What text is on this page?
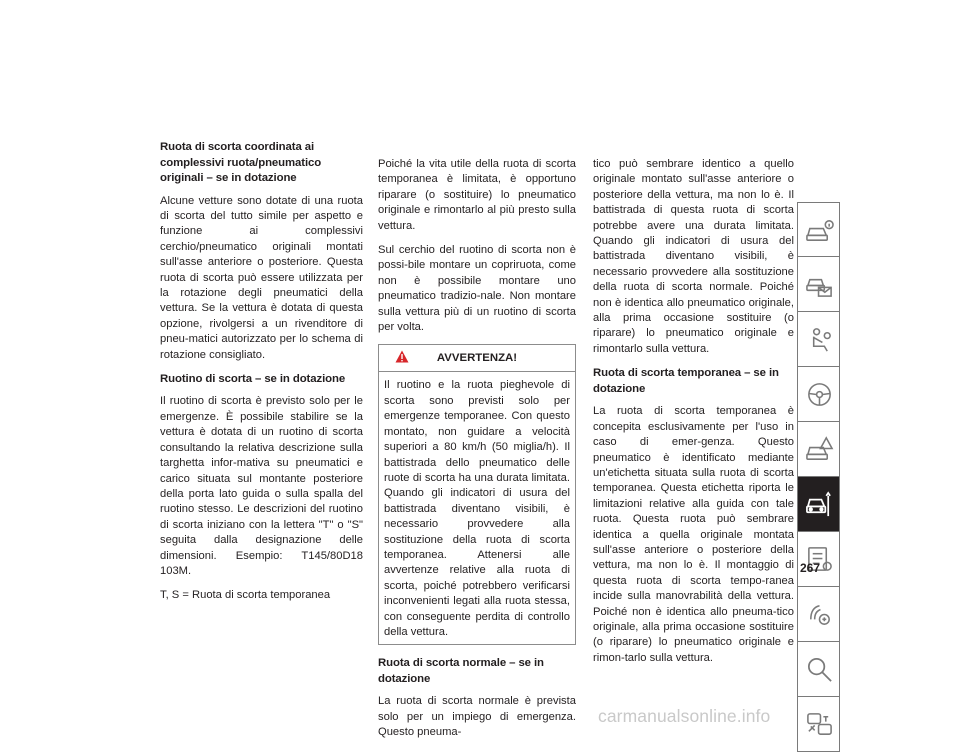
Ruota di scorta coordinata ai complessivi ruota/pneumatico originali – se in dotazione

Alcune vetture sono dotate di una ruota di scorta del tutto simile per aspetto e funzione ai complessivi cerchio/pneumatico originali montati sull'asse anteriore o posteriore. Questa ruota di scorta può essere utilizzata per la rotazione degli pneumatici della vettura. Se la vettura è dotata di questa opzione, rivolgersi a un rivenditore di pneu-matici autorizzato per lo schema di rotazione consigliato.

Ruotino di scorta – se in dotazione

Il ruotino di scorta è previsto solo per le emergenze. È possibile stabilire se la vettura è dotata di un ruotino di scorta consultando la relativa descrizione sulla targhetta infor-mativa su pneumatici e carico situata sul montante posteriore della porta lato guida o sulla spalla del ruotino stesso. Le descrizioni del ruotino di scorta iniziano con la lettera "T" o "S" seguita dalla designazione delle dimensioni. Esempio: T145/80D18 103M.

T, S = Ruota di scorta temporanea

Poiché la vita utile della ruota di scorta temporanea è limitata, è opportuno riparare (o sostituire) lo pneumatico originale e rimontarlo al più presto sulla vettura.

Sul cerchio del ruotino di scorta non è possi-bile montare un copriruota, come non è possibile montare uno pneumatico tradizio-nale. Non montare sulla vettura più di un ruotino di scorta per volta.

AVVERTENZA!

Il ruotino e la ruota pieghevole di scorta sono previsti solo per emergenze temporanee. Con questo montato, non guidare a velocità superiori a 80 km/h (50 miglia/h). Il battistrada dello pneumatico delle ruote di scorta ha una durata limitata. Quando gli indicatori di usura del battistrada diventano visibili, è necessario provvedere alla sostituzione della ruota di scorta temporanea. Attenersi alle avvertenze relative alla ruota di scorta, poiché potrebbero verificarsi inconvenienti legati alla ruota stessa, con conseguente perdita di controllo della vettura.

Ruota di scorta normale – se in dotazione

La ruota di scorta normale è prevista solo per un impiego di emergenza. Questo pneuma-

tico può sembrare identico a quello originale montato sull'asse anteriore o posteriore della vettura, ma non lo è. Il battistrada di questa ruota di scorta potrebbe avere una durata limitata. Quando gli indicatori di usura del battistrada diventano visibili, è necessario provvedere alla sostituzione della ruota di scorta normale. Poiché non è identica allo pneumatico originale, alla prima occasione sostituire (o riparare) lo pneumatico originale e rimontarlo sulla vettura.

Ruota di scorta temporanea – se in dotazione

La ruota di scorta temporanea è concepita esclusivamente per l'uso in caso di emer-genza. Questo pneumatico è identificato mediante un'etichetta situata sulla ruota di scorta temporanea. Questa etichetta riporta le limitazioni relative alla guida con tale ruota. Questa ruota può sembrare identica a quella originale montata sull'asse anteriore o posteriore della vettura, ma non lo è. Il montaggio di questa ruota di scorta tempo-ranea incide sulla manovrabilità della vettura. Poiché non è identica allo pneuma-tico originale, alla prima occasione sostituire (o riparare) lo pneumatico originale e rimon-tarlo sulla vettura.

267
carmanualsonline.info
